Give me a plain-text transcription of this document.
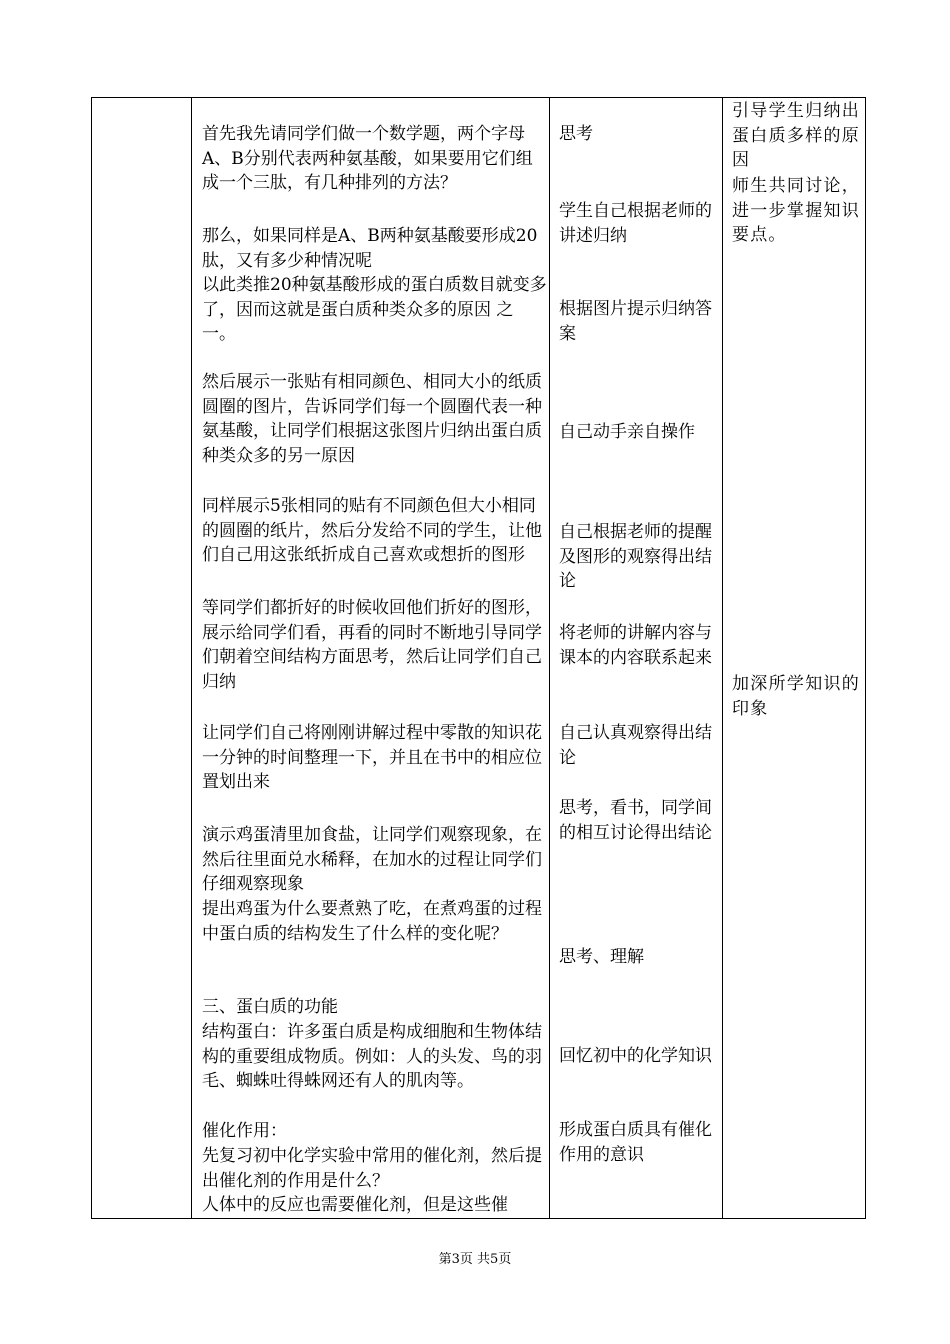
首先我先请同学们做一个数学题，两个字母A、B分别代表两种氨基酸，如果要用它们组成一个三肽，有几种排列的方法？

那么，如果同样是A、B两种氨基酸要形成20肽，又有多少种情况呢

以此类推20种氨基酸形成的蛋白质数目就变多了，因而这就是蛋白质种类众多的原因 之一。

然后展示一张贴有相同颜色、相同大小的纸质圆圈的图片，告诉同学们每一个圆圈代表一种氨基酸，让同学们根据这张图片归纳出蛋白质种类众多的另一原因

同样展示5张相同的贴有不同颜色但大小相同的圆圈的纸片，然后分发给不同的学生，让他们自己用这张纸折成自己喜欢或想折的图形

等同学们都折好的时候收回他们折好的图形，展示给同学们看，再看的同时不断地引导同学们朝着空间结构方面思考，然后让同学们自己归纳

让同学们自己将刚刚讲解过程中零散的知识花一分钟的时间整理一下，并且在书中的相应位置划出来

演示鸡蛋清里加食盐，让同学们观察现象，在然后往里面兑水稀释，在加水的过程让同学们仔细观察现象

提出鸡蛋为什么要煮熟了吃，在煮鸡蛋的过程中蛋白质的结构发生了什么样的变化呢？

三、蛋白质的功能

结构蛋白：许多蛋白质是构成细胞和生物体结构的重要组成物质。例如：人的头发、鸟的羽毛、蜘蛛吐得蛛网还有人的肌肉等。

催化作用：

先复习初中化学实验中常用的催化剂，然后提出催化剂的作用是什么？

人体中的反应也需要催化剂，但是这些催

思考

学生自己根据老师的讲述归纳

根据图片提示归纳答案

自己动手亲自操作

自己根据老师的提醒及图形的观察得出结论

将老师的讲解内容与课本的内容联系起来

自己认真观察得出结论

思考，看书，同学间的相互讨论得出结论

思考、理解

回忆初中的化学知识

形成蛋白质具有催化作用的意识

引导学生归纳出蛋白质多样的原因

师生共同讨论，进一步掌握知识要点。

加深所学知识的印象

第3页 共5页
